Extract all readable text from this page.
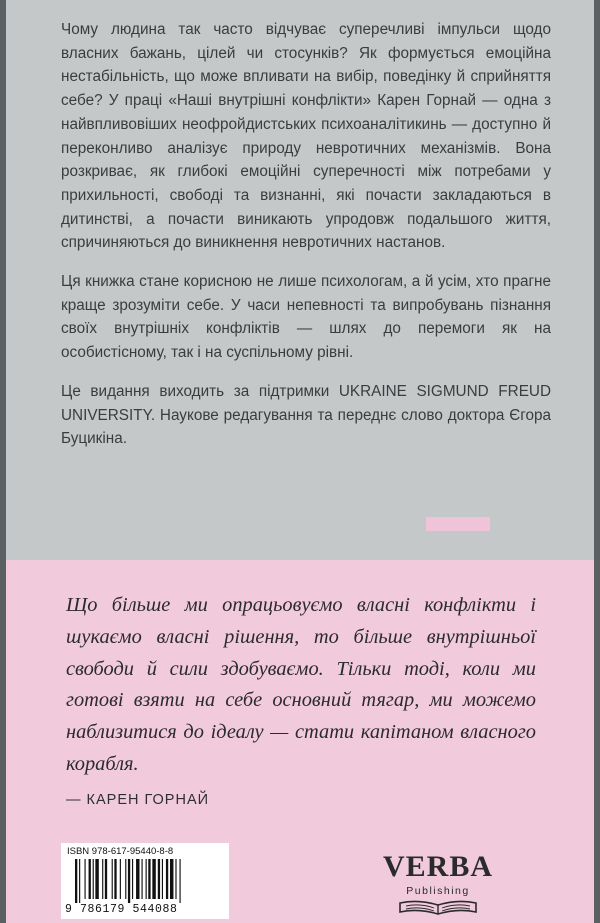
Чому людина так часто відчуває суперечливі імпульси щодо власних бажань, цілей чи стосунків? Як формується емоційна нестабільність, що може впливати на вибір, поведінку й сприйняття себе? У праці «Наші внутрішні конфлікти» Карен Горнай — одна з найвпливовіших неофройдистських психоаналітикинь — доступно й переконливо аналізує природу невротичних механізмів. Вона розкриває, як глибокі емоційні суперечності між потребами у прихильності, свободі та визнанні, які почасти закладаються в дитинстві, а почасти виникають упродовж подальшого життя, спричиняються до виникнення невротичних настанов.

Ця книжка стане корисною не лише психологам, а й усім, хто прагне краще зрозуміти себе. У часи непевності та випробувань пізнання своїх внутрішніх конфліктів — шлях до перемоги як на особистісному, так і на суспільному рівні.

Це видання виходить за підтримки UKRAINE SIGMUND FREUD UNIVERSITY. Наукове редагування та переднє слово доктора Єгора Буцикіна.

Що більше ми опрацьовуємо власні конфлікти і шукаємо власні рішення, то більше внутрішньої свободи й сили здобуваємо. Тільки тоді, коли ми готові взяти на себе основний тягар, ми можемо наблизитися до ідеалу — стати капітаном власного корабля.
— КАРЕН ГОРНАЙ
ISBN 978-617-95440-8-8
9 786179 544088
VERBA
Publishing
